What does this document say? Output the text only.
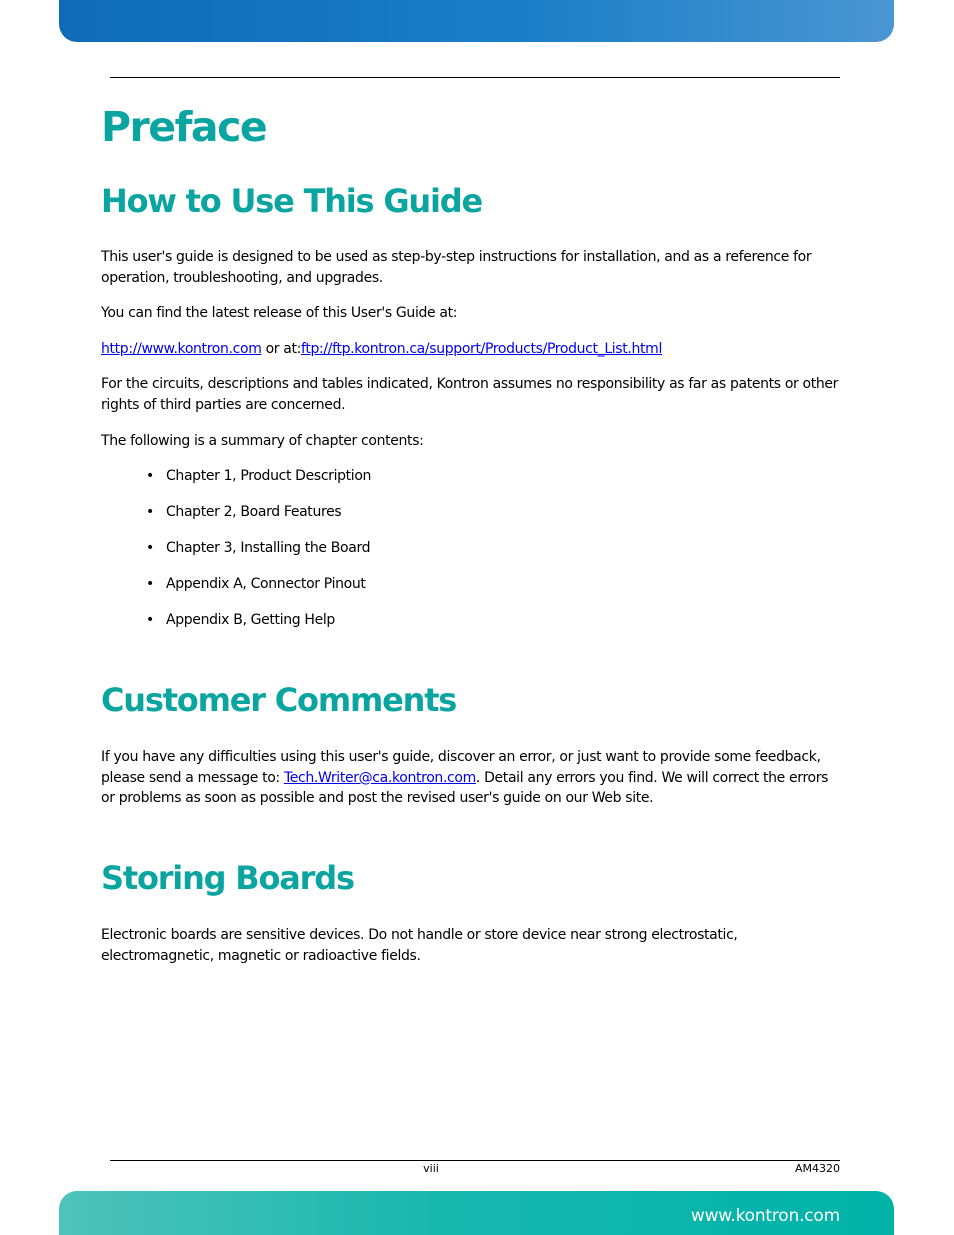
Preface
How to Use This Guide

This user's guide is designed to be used as step-by-step instructions for installation, and as a reference for operation, troubleshooting, and upgrades.

You can find the latest release of this User's Guide at:

http://www.kontron.com or at:ftp://ftp.kontron.ca/support/Products/Product_List.html

For the circuits, descriptions and tables indicated, Kontron assumes no responsibility as far as patents or other rights of third parties are concerned.

The following is a summary of chapter contents:

• Chapter 1, Product Description
• Chapter 2, Board Features
• Chapter 3, Installing the Board
• Appendix A, Connector Pinout
• Appendix B, Getting Help
Customer Comments

If you have any difficulties using this user's guide, discover an error, or just want to provide some feedback, please send a message to: Tech.Writer@ca.kontron.com. Detail any errors you find. We will correct the errors or problems as soon as possible and post the revised user's guide on our Web site.

Storing Boards

Electronic boards are sensitive devices. Do not handle or store device near strong electrostatic, electromagnetic, magnetic or radioactive fields.

viii	AM4320
www.kontron.com
